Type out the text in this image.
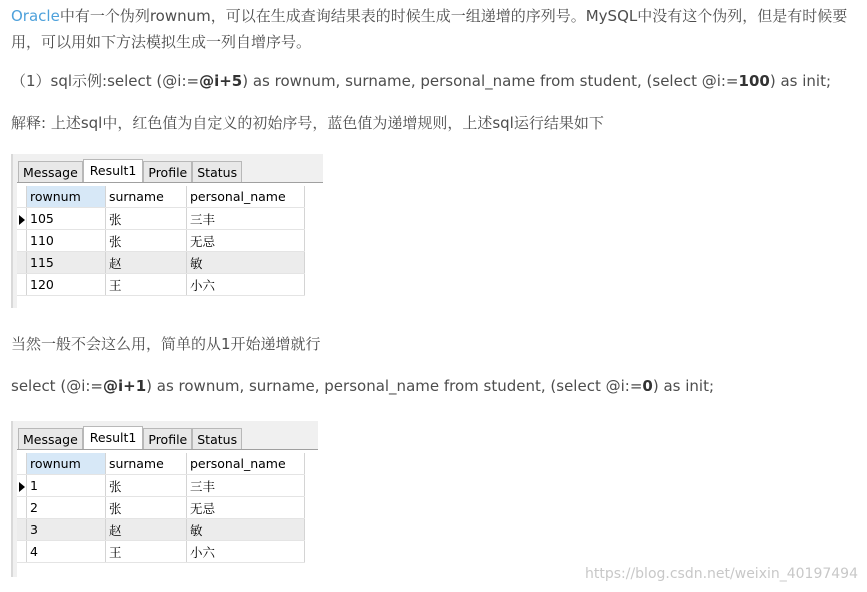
Oracle中有一个伪列rownum，可以在生成查询结果表的时候生成一组递增的序列号。MySQL中没有这个伪列，但是有时候要用，可以用如下方法模拟生成一列自增序号。

（1）sql示例:select (@i:=@i+5) as rownum, surname, personal_name from student, (select @i:=100) as init;

解释: 上述sql中，红色值为自定义的初始序号，蓝色值为递增规则，上述sql运行结果如下

Message Result1 Profile Status
	rownum	surname	personal_name
	105	张	三丰
	110	张	无忌
	115	赵	敏
	120	王	小六

当然一般不会这么用，简单的从1开始递增就行

select (@i:=@i+1) as rownum, surname, personal_name from student, (select @i:=0) as init;

Message Result1 Profile Status
	rownum	surname	personal_name
	1	张	三丰
	2	张	无忌
	3	赵	敏
	4	王	小六
https://blog.csdn.net/weixin_40197494
